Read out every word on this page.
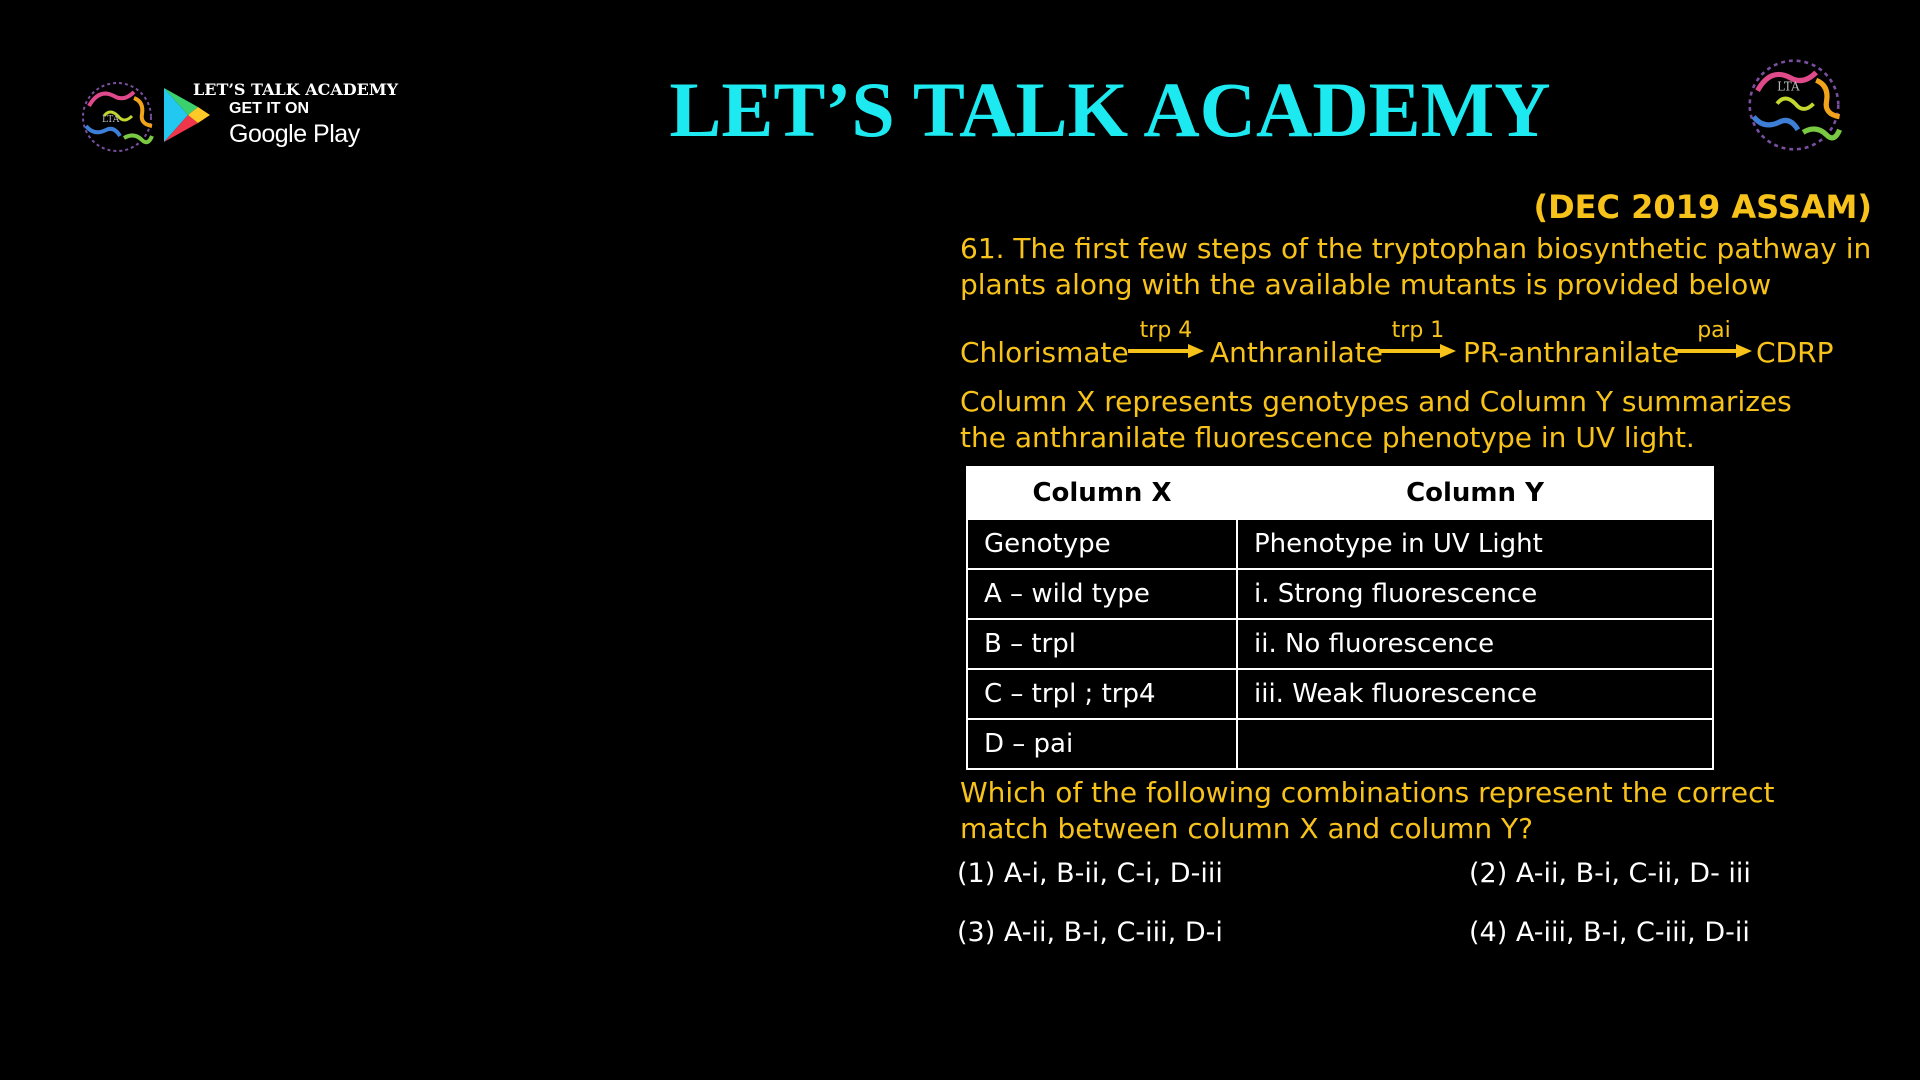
LTA
LET’S TALK ACADEMY
GET IT ON
Google Play	LET’S TALK ACADEMY	LTA
(DEC 2019 ASSAM)
61. The first few steps of the tryptophan biosynthetic pathway in
plants along with the available mutants is provided below
Chlorismate
trp 4
Anthranilate
trp 1
PR-anthranilate
pai
CDRP
Column X represents genotypes and Column Y summarizes
the anthranilate fluorescence phenotype in UV light.
Column X	Column Y
Genotype	Phenotype in UV Light
A – wild type	i. Strong fluorescence
B – trpl	ii. No fluorescence
C – trpl ; trp4	iii. Weak fluorescence
D – pai	
Which of the following combinations represent the correct
match between column X and column Y?
(1) A-i, B-ii, C-i, D-iii	(2) A-ii, B-i, C-ii, D- iii
(3) A-ii, B-i, C-iii, D-i	(4) A-iii, B-i, C-iii, D-ii
